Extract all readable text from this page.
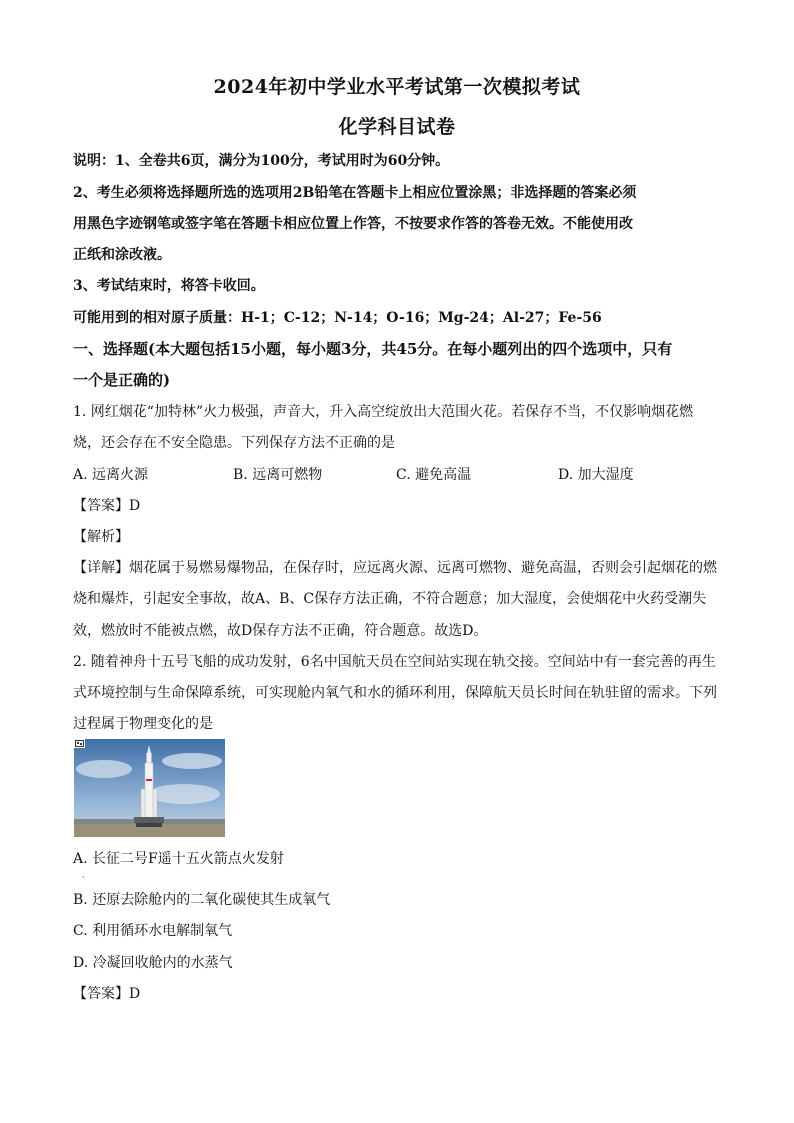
2024年初中学业水平考试第一次模拟考试
化学科目试卷
说明：1、全卷共6页，满分为100分，考试用时为60分钟。
2、考生必须将选择题所选的选项用2B铅笔在答题卡上相应位置涂黑；非选择题的答案必须
用黑色字迹钢笔或签字笔在答题卡相应位置上作答，不按要求作答的答卷无效。不能使用改
正纸和涂改液。
3、考试结束时，将答卡收回。
可能用到的相对原子质量：H-1；C-12；N-14；O-16；Mg-24；Al-27；Fe-56
一、选择题(本大题包括15小题，每小题3分，共45分。在每小题列出的四个选项中，只有
一个是正确的)
1. 网红烟花“加特林”火力极强，声音大，升入高空绽放出大范围火花。若保存不当，不仅影响烟花燃
烧，还会存在不安全隐患。下列保存方法不正确的是
A. 远离火源	B. 远离可燃物	C. 避免高温	D. 加大湿度
【答案】D
【解析】
【详解】烟花属于易燃易爆物品，在保存时，应远离火源、远离可燃物、避免高温，否则会引起烟花的燃
烧和爆炸，引起安全事故，故A、B、C保存方法正确，不符合题意；加大湿度，会使烟花中火药受潮失
效，燃放时不能被点燃，故D保存方法不正确，符合题意。故选D。
2. 随着神舟十五号飞船的成功发射，6名中国航天员在空间站实现在轨交接。空间站中有一套完善的再生
式环境控制与生命保障系统，可实现舱内氧气和水的循环利用，保障航天员长时间在轨驻留的需求。下列
过程属于物理变化的是
A. 长征二号F遥十五火箭点火发射
·
B. 还原去除舱内的二氧化碳使其生成氧气
C. 利用循环水电解制氧气
D. 冷凝回收舱内的水蒸气
【答案】D
